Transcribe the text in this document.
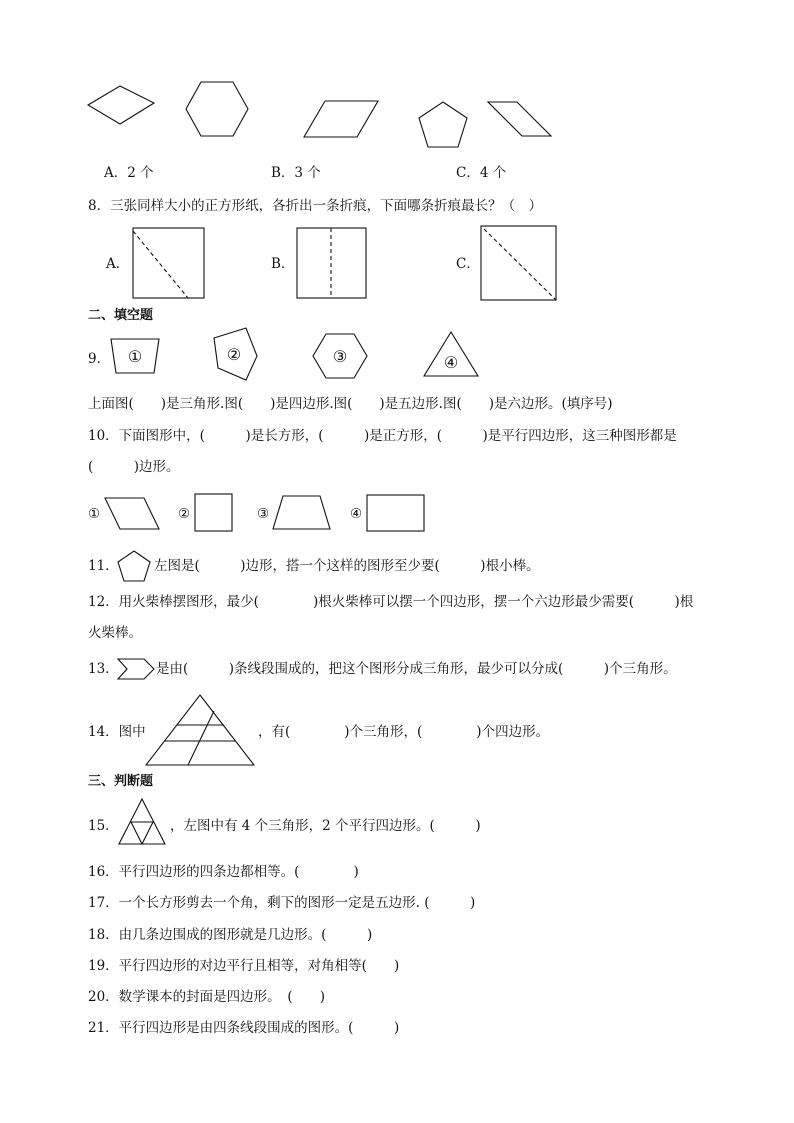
A．2 个	B．3 个	C．4 个
8．三张同样大小的正方形纸，各折出一条折痕，下面哪条折痕最长？（　）
A．	B．	C．
二、填空题
9． ①	②	③	④
上面图(　　)是三角形.图(　　)是四边形.图(　　)是五边形.图(　　)是六边形。(填序号)
10．下面图形中，(　　　)是长方形，(　　　)是正方形，(　　　)是平行四边形，这三种图形都是
(　　　)边形。
①	②	③	④
11．	左图是(　　　)边形，搭一个这样的图形至少要(　　　)根小棒。
12．用火柴棒摆图形，最少(　　　　)根火柴棒可以摆一个四边形，摆一个六边形最少需要(　　　)根
火柴棒。
13．	是由(　　　)条线段围成的，把这个图形分成三角形，最少可以分成(　　　)个三角形。
14．图中	，有(　　　　)个三角形，(　　　　)个四边形。
三、判断题
15．	，左图中有 4 个三角形，2 个平行四边形。(　　　)
16．平行四边形的四条边都相等。(　　　　)
17．一个长方形剪去一个角，剩下的图形一定是五边形. (　　　)
18．由几条边围成的图形就是几边形。(　　　)
19．平行四边形的对边平行且相等，对角相等(　　)
20．数学课本的封面是四边形。　(　　)
21．平行四边形是由四条线段围成的图形。(　　　)
